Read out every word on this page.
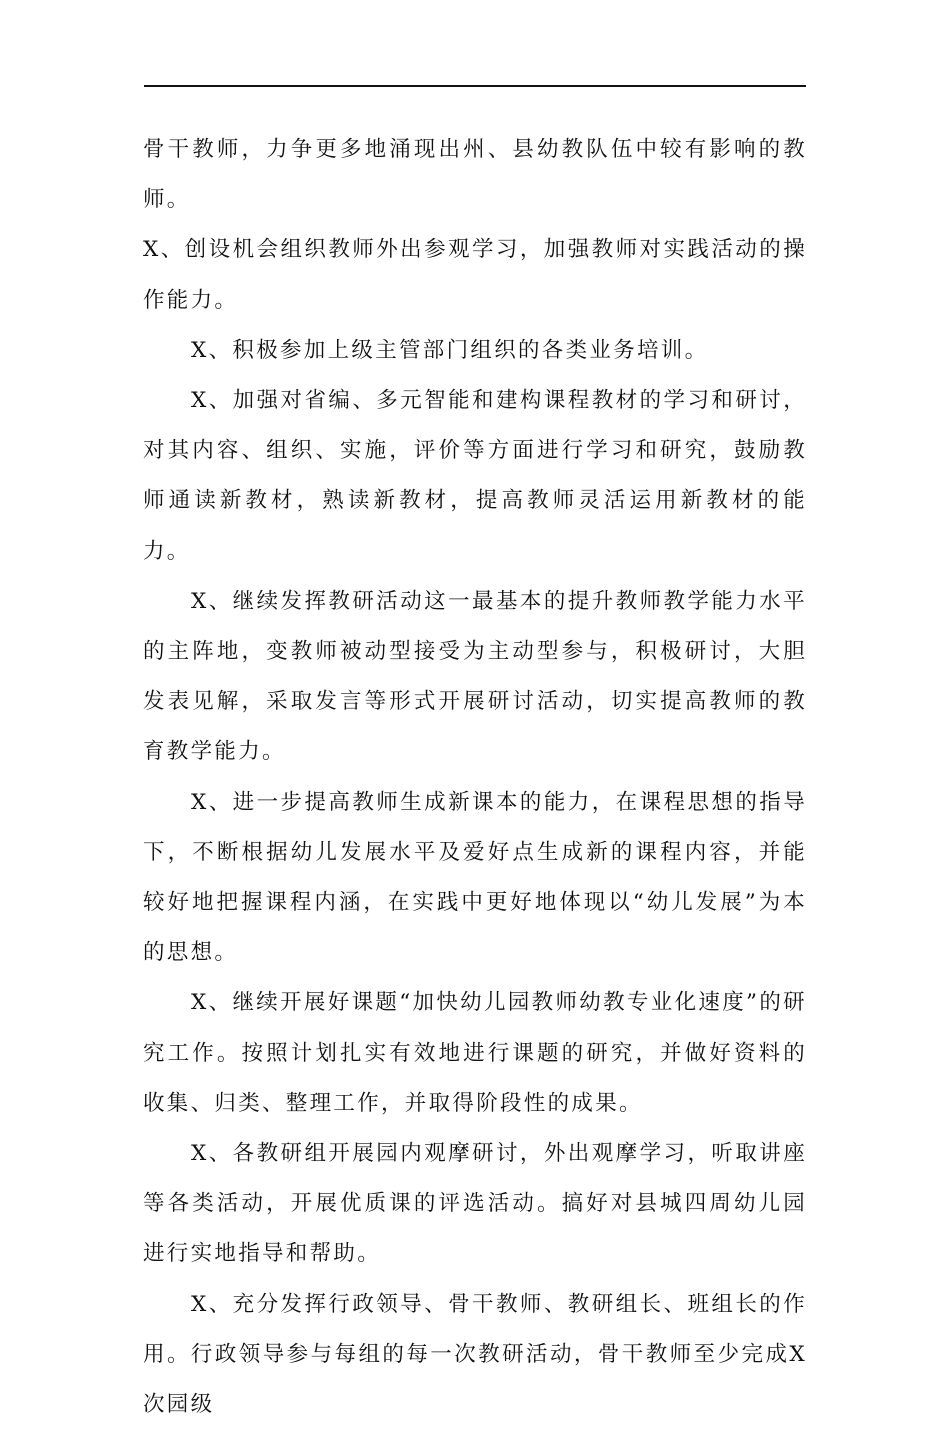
骨干教师，力争更多地涌现出州、县幼教队伍中较有影响的教师。

X、创设机会组织教师外出参观学习，加强教师对实践活动的操作能力。

X、积极参加上级主管部门组织的各类业务培训。

X、加强对省编、多元智能和建构课程教材的学习和研讨，对其内容、组织、实施，评价等方面进行学习和研究，鼓励教师通读新教材，熟读新教材，提高教师灵活运用新教材的能力。

X、继续发挥教研活动这一最基本的提升教师教学能力水平的主阵地，变教师被动型接受为主动型参与，积极研讨，大胆发表见解，采取发言等形式开展研讨活动，切实提高教师的教育教学能力。

X、进一步提高教师生成新课本的能力，在课程思想的指导下，不断根据幼儿发展水平及爱好点生成新的课程内容，并能较好地把握课程内涵，在实践中更好地体现以“幼儿发展”为本的思想。

X、继续开展好课题“加快幼儿园教师幼教专业化速度”的研究工作。按照计划扎实有效地进行课题的研究，并做好资料的收集、归类、整理工作，并取得阶段性的成果。

X、各教研组开展园内观摩研讨，外出观摩学习，听取讲座等各类活动，开展优质课的评选活动。搞好对县城四周幼儿园进行实地指导和帮助。

X、充分发挥行政领导、骨干教师、教研组长、班组长的作用。行政领导参与每组的每一次教研活动，骨干教师至少完成X次园级
